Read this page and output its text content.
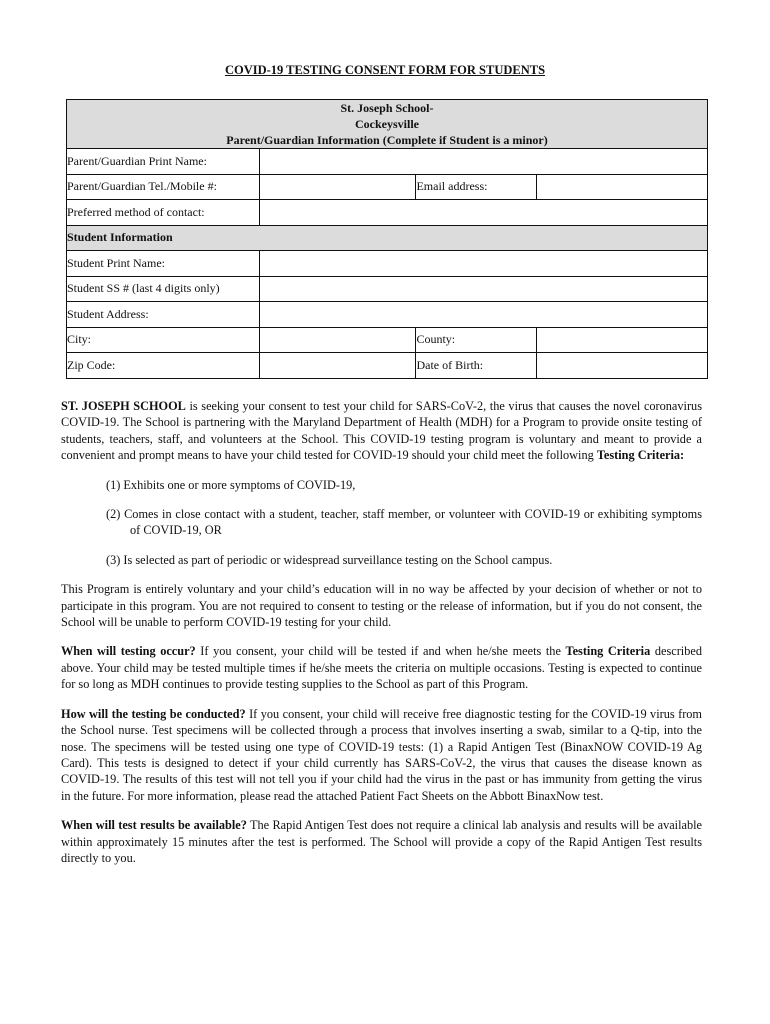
COVID-19 TESTING CONSENT FORM FOR STUDENTS
St. Joseph School-
Cockeysville
Parent/Guardian Information (Complete if Student is a minor)			

Parent/Guardian Print Name:			
Parent/Guardian Tel./Mobile #:		Email address:	
Preferred method of contact:			
Student Information			
Student Print Name:			
Student SS # (last 4 digits only)			
Student Address:			
City:		County:	
Zip Code:		Date of Birth:	

ST. JOSEPH SCHOOL is seeking your consent to test your child for SARS-CoV-2, the virus that causes the novel coronavirus COVID-19. The School is partnering with the Maryland Department of Health (MDH) for a Program to provide onsite testing of students, teachers, staff, and volunteers at the School. This COVID-19 testing program is voluntary and meant to provide a convenient and prompt means to have your child tested for COVID-19 should your child meet the following Testing Criteria:

(1) Exhibits one or more symptoms of COVID-19,

(2) Comes in close contact with a student, teacher, staff member, or volunteer with COVID-19 or exhibiting symptoms of COVID-19, OR

(3) Is selected as part of periodic or widespread surveillance testing on the School campus.

This Program is entirely voluntary and your child’s education will in no way be affected by your decision of whether or not to participate in this program. You are not required to consent to testing or the release of information, but if you do not consent, the School will be unable to perform COVID-19 testing for your child.

When will testing occur? If you consent, your child will be tested if and when he/she meets the Testing Criteria described above. Your child may be tested multiple times if he/she meets the criteria on multiple occasions. Testing is expected to continue for so long as MDH continues to provide testing supplies to the School as part of this Program.

How will the testing be conducted? If you consent, your child will receive free diagnostic testing for the COVID-19 virus from the School nurse. Test specimens will be collected through a process that involves inserting a swab, similar to a Q-tip, into the nose. The specimens will be tested using one type of COVID-19 tests: (1) a Rapid Antigen Test (BinaxNOW COVID-19 Ag Card). This tests is designed to detect if your child currently has SARS-CoV-2, the virus that causes the disease known as COVID-19. The results of this test will not tell you if your child had the virus in the past or has immunity from getting the virus in the future. For more information, please read the attached Patient Fact Sheets on the Abbott BinaxNow test.

When will test results be available? The Rapid Antigen Test does not require a clinical lab analysis and results will be available within approximately 15 minutes after the test is performed. The School will provide a copy of the Rapid Antigen Test results directly to you.
